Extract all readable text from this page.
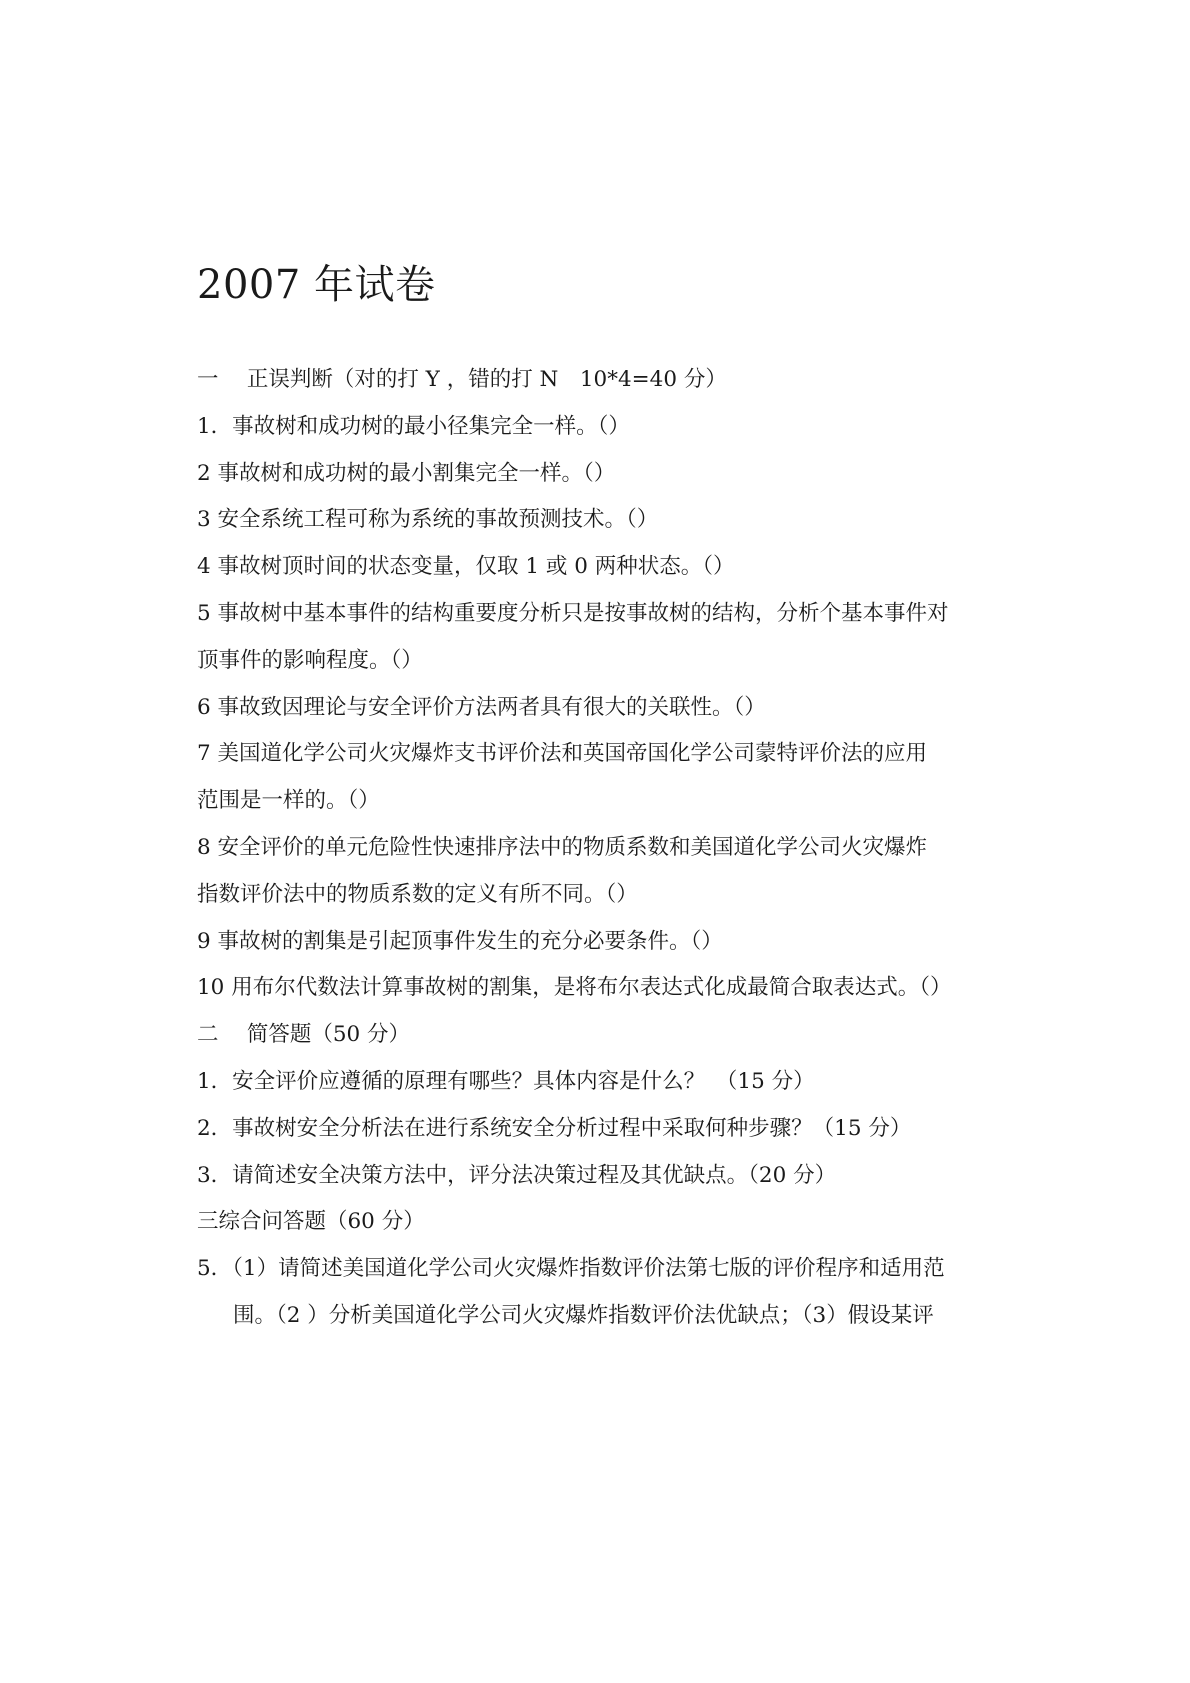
2007 年试卷
一　 正误判断（对的打 Y ，错的打 N　10*4=40 分）
1．事故树和成功树的最小径集完全一样。（）
2 事故树和成功树的最小割集完全一样。（）
3 安全系统工程可称为系统的事故预测技术。（）
4 事故树顶时间的状态变量，仅取 1 或 0 两种状态。（）
5 事故树中基本事件的结构重要度分析只是按事故树的结构，分析个基本事件对
顶事件的影响程度。（）
6 事故致因理论与安全评价方法两者具有很大的关联性。（）
7 美国道化学公司火灾爆炸支书评价法和英国帝国化学公司蒙特评价法的应用
范围是一样的。（）
8 安全评价的单元危险性快速排序法中的物质系数和美国道化学公司火灾爆炸
指数评价法中的物质系数的定义有所不同。（）
9 事故树的割集是引起顶事件发生的充分必要条件。（）
10 用布尔代数法计算事故树的割集，是将布尔表达式化成最简合取表达式。（）
二　 简答题（50 分）
1．安全评价应遵循的原理有哪些？具体内容是什么？　（15 分）
2．事故树安全分析法在进行系统安全分析过程中采取何种步骤？（15 分）
3．请简述安全决策方法中，评分法决策过程及其优缺点。（20 分）
三综合问答题（60 分）
5．（1）请简述美国道化学公司火灾爆炸指数评价法第七版的评价程序和适用范
围。（2 ）分析美国道化学公司火灾爆炸指数评价法优缺点；（3）假设某评
